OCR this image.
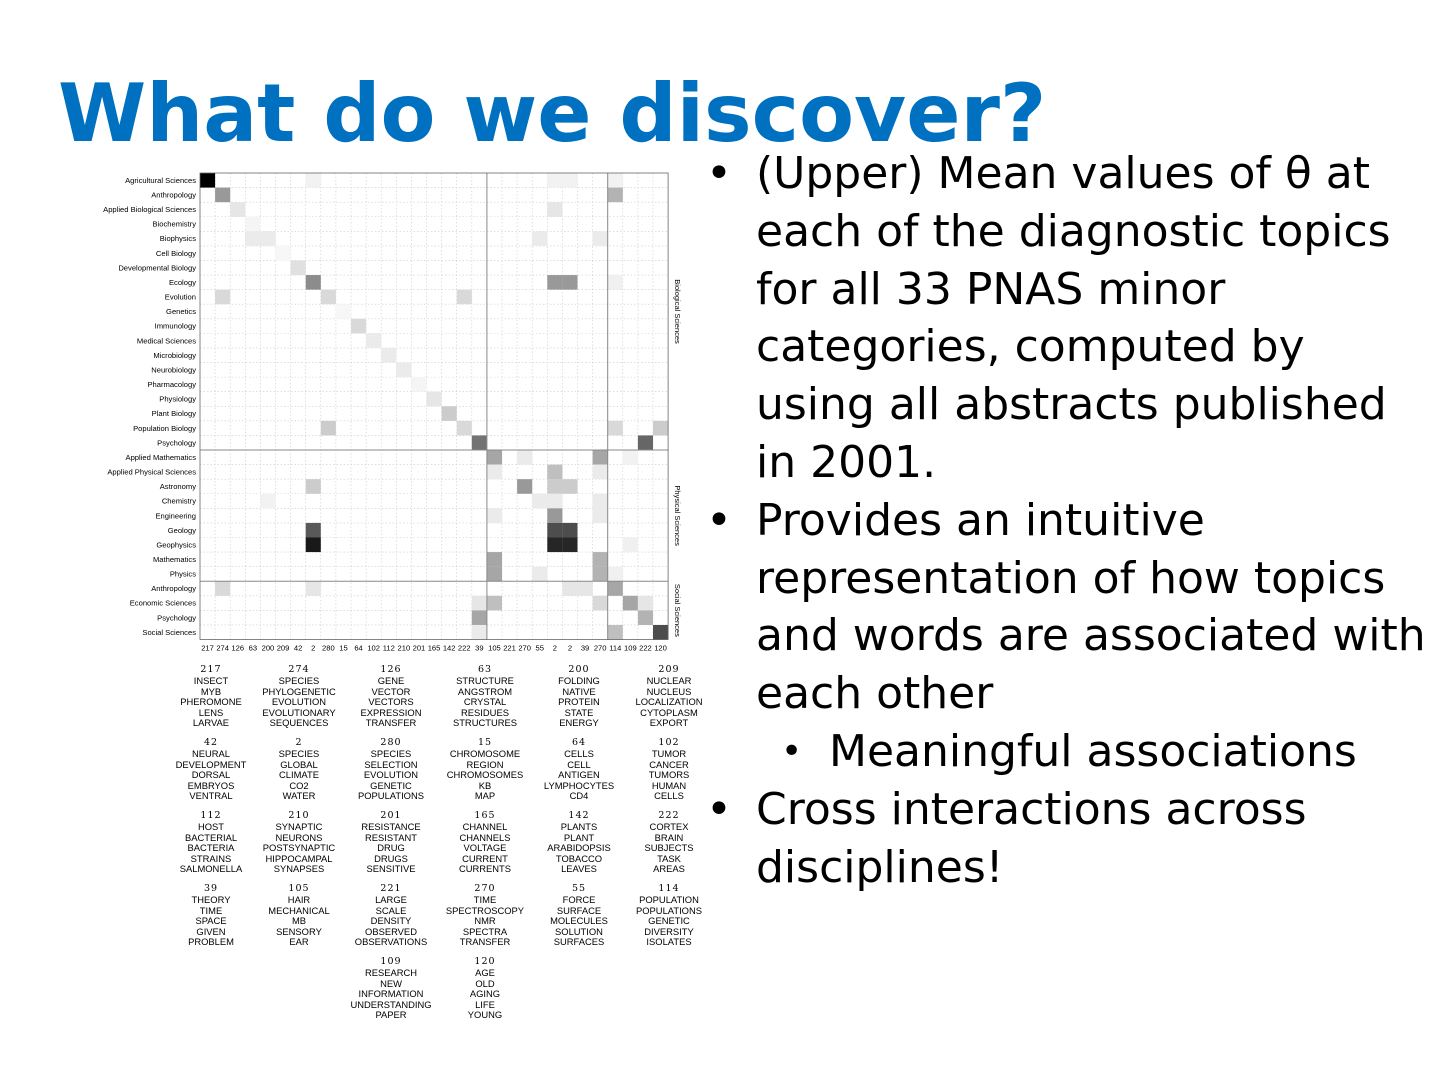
What do we discover?
Biological Sciences
Physical Sciences
Social Sciences
Agricultural Sciences
Anthropology
Applied Biological Sciences
Biochemistry
Biophysics
Cell Biology
Developmental Biology
Ecology
Evolution
Genetics
Immunology
Medical Sciences
Microbiology
Neurobiology
Pharmacology
Physiology
Plant Biology
Population Biology
Psychology
Applied Mathematics
Applied Physical Sciences
Astronomy
Chemistry
Engineering
Geology
Geophysics
Mathematics
Physics
Anthropology
Economic Sciences
Psychology
Social Sciences
217 274 126 63 200 209 42 2 280 15 64 102 112 210 201 165 142 222 39 105 221 270 55 2 2 39 270 114 109 222 120
217
INSECT
MYB
PHEROMONE
LENS
LARVAE
274
SPECIES
PHYLOGENETIC
EVOLUTION
EVOLUTIONARY
SEQUENCES
126
GENE
VECTOR
VECTORS
EXPRESSION
TRANSFER
63
STRUCTURE
ANGSTROM
CRYSTAL
RESIDUES
STRUCTURES
200
FOLDING
NATIVE
PROTEIN
STATE
ENERGY
209
NUCLEAR
NUCLEUS
LOCALIZATION
CYTOPLASM
EXPORT
42
NEURAL
DEVELOPMENT
DORSAL
EMBRYOS
VENTRAL
2
SPECIES
GLOBAL
CLIMATE
CO2
WATER
280
SPECIES
SELECTION
EVOLUTION
GENETIC
POPULATIONS
15
CHROMOSOME
REGION
CHROMOSOMES
KB
MAP
64
CELLS
CELL
ANTIGEN
LYMPHOCYTES
CD4
102
TUMOR
CANCER
TUMORS
HUMAN
CELLS
112
HOST
BACTERIAL
BACTERIA
STRAINS
SALMONELLA
210
SYNAPTIC
NEURONS
POSTSYNAPTIC
HIPPOCAMPAL
SYNAPSES
201
RESISTANCE
RESISTANT
DRUG
DRUGS
SENSITIVE
165
CHANNEL
CHANNELS
VOLTAGE
CURRENT
CURRENTS
142
PLANTS
PLANT
ARABIDOPSIS
TOBACCO
LEAVES
222
CORTEX
BRAIN
SUBJECTS
TASK
AREAS
39
THEORY
TIME
SPACE
GIVEN
PROBLEM
105
HAIR
MECHANICAL
MB
SENSORY
EAR
221
LARGE
SCALE
DENSITY
OBSERVED
OBSERVATIONS
270
TIME
SPECTROSCOPY
NMR
SPECTRA
TRANSFER
55
FORCE
SURFACE
MOLECULES
SOLUTION
SURFACES
114
POPULATION
POPULATIONS
GENETIC
DIVERSITY
ISOLATES
109
RESEARCH
NEW
INFORMATION
UNDERSTANDING
PAPER
120
AGE
OLD
AGING
LIFE
YOUNG
• (Upper) Mean values of θ at each of the diagnostic topics for all 33 PNAS minor categories, computed by using all abstracts published in 2001.
• Provides an intuitive representation of how topics and words are associated with each other
• Meaningful associations
• Cross interactions across disciplines!
